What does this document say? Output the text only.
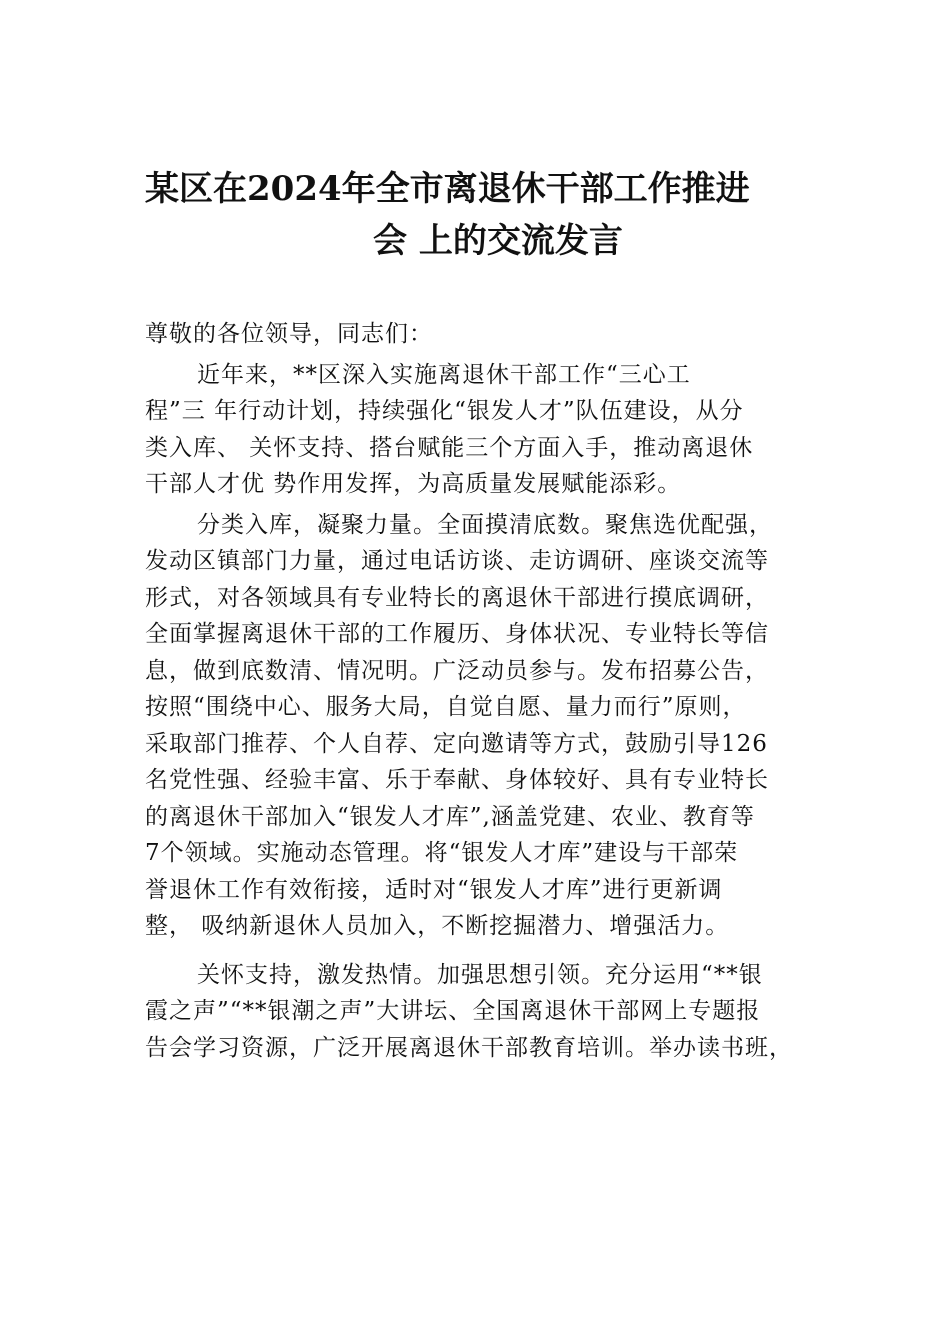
某区在2024年全市离退休干部工作推进
会 上的交流发言

尊敬的各位领导，同志们：

近年来，**区深入实施离退休干部工作“三心工
程”三 年行动计划，持续强化“银发人才”队伍建设，从分
类入库、 关怀支持、搭台赋能三个方面入手，推动离退休
干部人才优 势作用发挥，为高质量发展赋能添彩。

分类入库，凝聚力量。全面摸清底数。聚焦选优配强，
发动区镇部门力量，通过电话访谈、走访调研、座谈交流等
形式，对各领域具有专业特长的离退休干部进行摸底调研，
全面掌握离退休干部的工作履历、身体状况、专业特长等信
息，做到底数清、情况明。广泛动员参与。发布招募公告，
按照“围绕中心、服务大局，自觉自愿、量力而行”原则，
采取部门推荐、个人自荐、定向邀请等方式，鼓励引导126
名党性强、经验丰富、乐于奉献、身体较好、具有专业特长
的离退休干部加入“银发人才库”,涵盖党建、农业、教育等
7个领域。实施动态管理。将“银发人才库”建设与干部荣
誉退休工作有效衔接，适时对“银发人才库”进行更新调
整， 吸纳新退休人员加入，不断挖掘潜力、增强活力。

关怀支持，激发热情。加强思想引领。充分运用“**银
霞之声”“**银潮之声”大讲坛、全国离退休干部网上专题报
告会学习资源，广泛开展离退休干部教育培训。举办读书班，
